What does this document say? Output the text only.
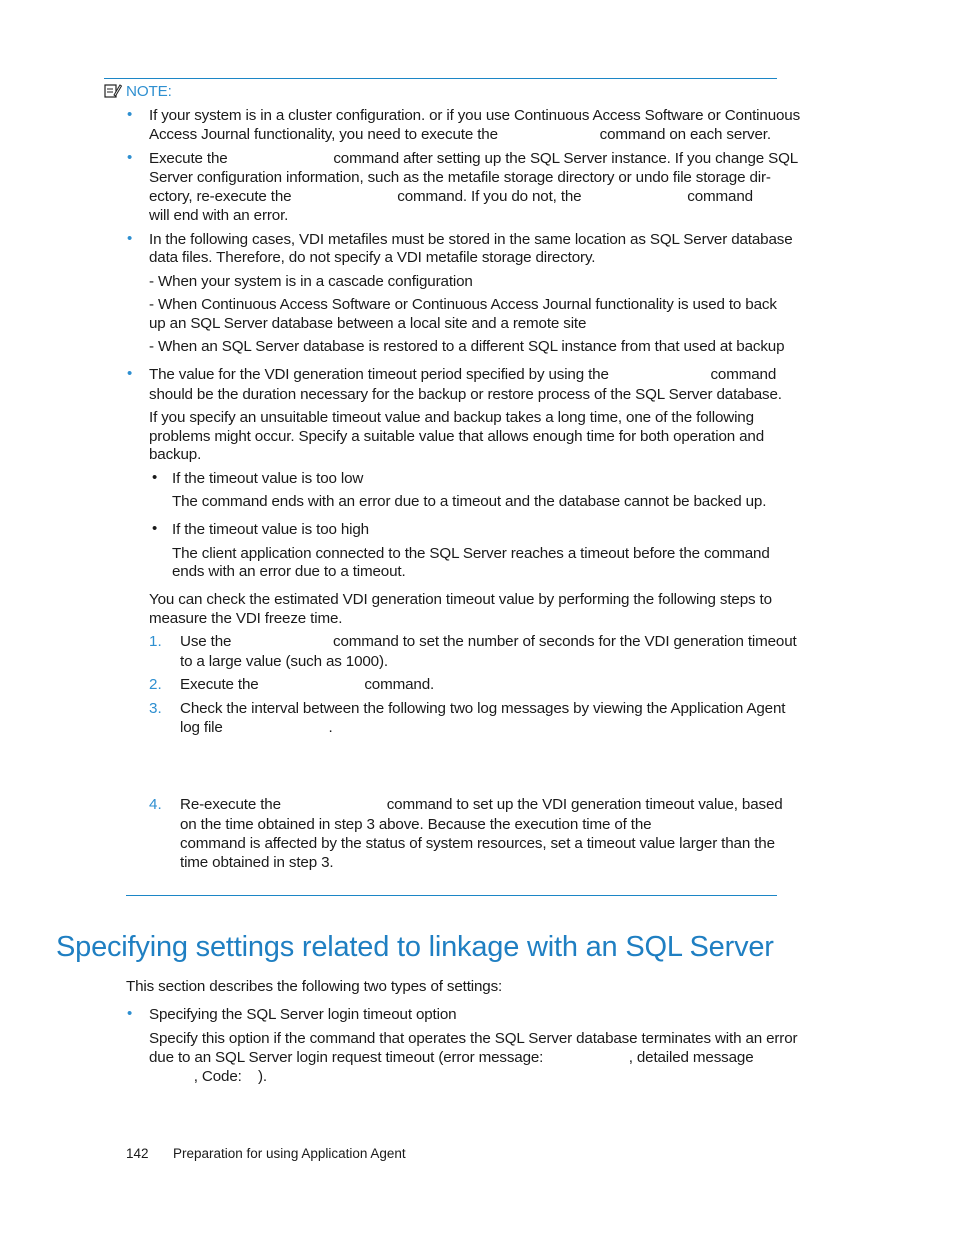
NOTE:
• If your system is in a cluster configuration. or if you use Continuous Access Software or Continuous
Access Journal functionality, you need to execute the                         command on each server.
• Execute the                          command after setting up the SQL Server instance. If you change SQL
Server configuration information, such as the metafile storage directory or undo file storage dir-
ectory, re-execute the                          command. If you do not, the                          command
will end with an error.
• In the following cases, VDI metafiles must be stored in the same location as SQL Server database
data files. Therefore, do not specify a VDI metafile storage directory.
- When your system is in a cascade configuration
- When Continuous Access Software or Continuous Access Journal functionality is used to back
up an SQL Server database between a local site and a remote site
- When an SQL Server database is restored to a different SQL instance from that used at backup
• The value for the VDI generation timeout period specified by using the                         command
should be the duration necessary for the backup or restore process of the SQL Server database.
If you specify an unsuitable timeout value and backup takes a long time, one of the following
problems might occur. Specify a suitable value that allows enough time for both operation and
backup.
• If the timeout value is too low
The command ends with an error due to a timeout and the database cannot be backed up.
• If the timeout value is too high
The client application connected to the SQL Server reaches a timeout before the command
ends with an error due to a timeout.
You can check the estimated VDI generation timeout value by performing the following steps to
measure the VDI freeze time.
1. Use the                         command to set the number of seconds for the VDI generation timeout
to a large value (such as 1000).
2. Execute the                          command.
3. Check the interval between the following two log messages by viewing the Application Agent
log file                          .
4. Re-execute the                          command to set up the VDI generation timeout value, based
on the time obtained in step 3 above. Because the execution time of the
command is affected by the status of system resources, set a timeout value larger than the
time obtained in step 3.
Specifying settings related to linkage with an SQL Server
This section describes the following two types of settings:
• Specifying the SQL Server login timeout option
Specify this option if the command that operates the SQL Server database terminates with an error
due to an SQL Server login request timeout (error message:                     , detailed message
, Code:    ).
142 Preparation for using Application Agent
